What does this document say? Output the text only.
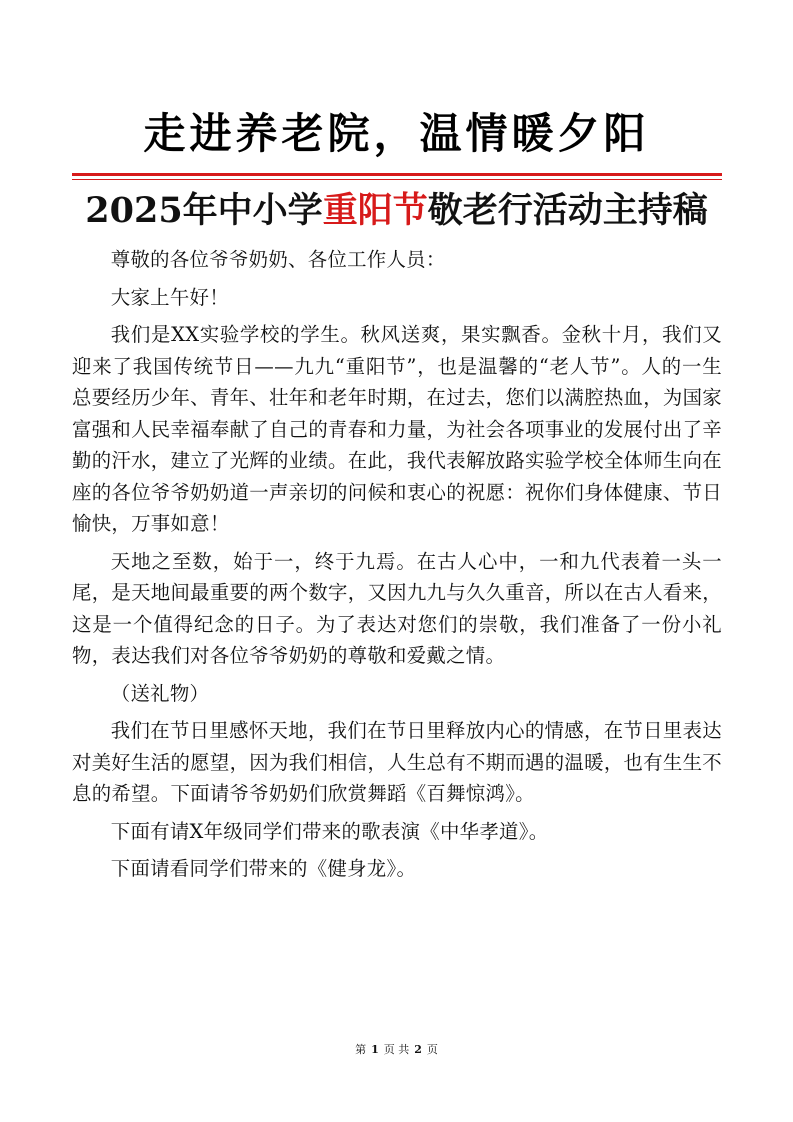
走进养老院，温情暖夕阳
2025年中小学重阳节敬老行活动主持稿

尊敬的各位爷爷奶奶、各位工作人员：

大家上午好！

我们是XX实验学校的学生。秋风送爽，果实飘香。金秋十月，我们又迎来了我国传统节日——九九“重阳节”，也是温馨的“老人节”。人的一生总要经历少年、青年、壮年和老年时期，在过去，您们以满腔热血，为国家富强和人民幸福奉献了自己的青春和力量，为社会各项事业的发展付出了辛勤的汗水，建立了光辉的业绩。在此，我代表解放路实验学校全体师生向在座的各位爷爷奶奶道一声亲切的问候和衷心的祝愿：祝你们身体健康、节日愉快，万事如意！

天地之至数，始于一，终于九焉。在古人心中，一和九代表着一头一尾，是天地间最重要的两个数字，又因九九与久久重音，所以在古人看来，这是一个值得纪念的日子。为了表达对您们的崇敬，我们准备了一份小礼物，表达我们对各位爷爷奶奶的尊敬和爱戴之情。

（送礼物）

我们在节日里感怀天地，我们在节日里释放内心的情感，在节日里表达对美好生活的愿望，因为我们相信，人生总有不期而遇的温暖，也有生生不息的希望。下面请爷爷奶奶们欣赏舞蹈《百舞惊鸿》。

下面有请X年级同学们带来的歌表演《中华孝道》。

下面请看同学们带来的《健身龙》。

第 1 页 共 2 页
